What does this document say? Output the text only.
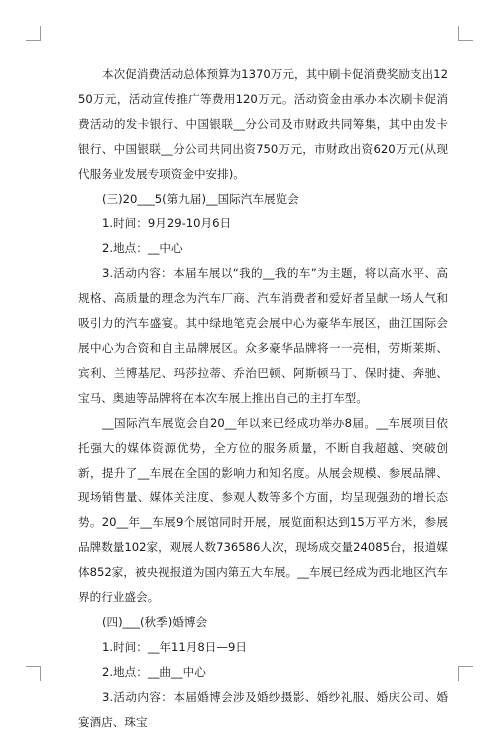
本次促消费活动总体预算为1370万元，其中刷卡促消费奖励支出1250万元，活动宣传推广等费用120万元。活动资金由承办本次刷卡促消费活动的发卡银行、中国银联__分公司及市财政共同筹集，其中由发卡银行、中国银联__分公司共同出资750万元，市财政出资620万元(从现代服务业发展专项资金中安排)。

(三)20___5(第九届)__国际汽车展览会

1.时间：9月29-10月6日

2.地点：__中心

3.活动内容：本届车展以“我的__我的车”为主题，将以高水平、高规格、高质量的理念为汽车厂商、汽车消费者和爱好者呈献一场人气和吸引力的汽车盛宴。其中绿地笔克会展中心为豪华车展区，曲江国际会展中心为合资和自主品牌展区。众多豪华品牌将一一亮相，劳斯莱斯、宾利、兰博基尼、玛莎拉蒂、乔治巴顿、阿斯顿马丁、保时捷、奔驰、宝马、奥迪等品牌将在本次车展上推出自己的主打车型。

__国际汽车展览会自20__年以来已经成功举办8届。__车展项目依托强大的媒体资源优势，全方位的服务质量，不断自我超越、突破创新，提升了__车展在全国的影响力和知名度。从展会规模、参展品牌、现场销售量、媒体关注度、参观人数等多个方面，均呈现强劲的增长态势。20__年__车展9个展馆同时开展，展览面积达到15万平方米，参展品牌数量102家，观展人数736586人次，现场成交量24085台，报道媒体852家，被央视报道为国内第五大车展。__车展已经成为西北地区汽车界的行业盛会。

(四)___(秋季)婚博会

1.时间：__年11月8日—9日

2.地点：__曲__中心

3.活动内容：本届婚博会涉及婚纱摄影、婚纱礼服、婚庆公司、婚宴酒店、珠宝
